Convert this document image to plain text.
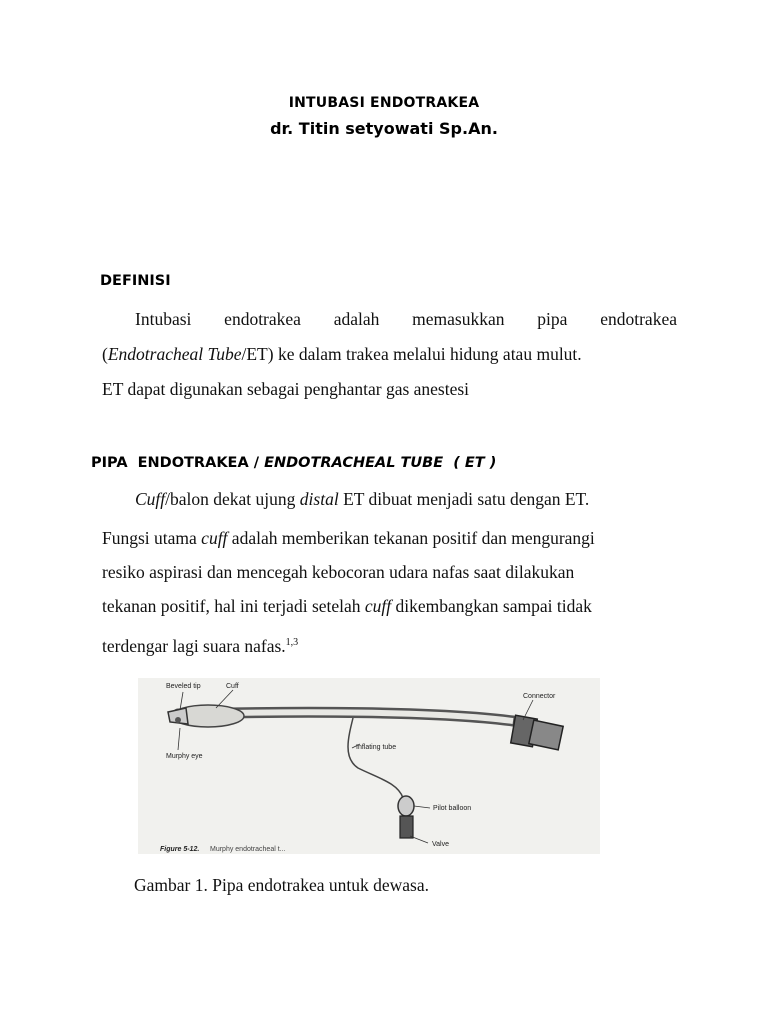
INTUBASI ENDOTRAKEA
dr. Titin setyowati Sp.An.
DEFINISI
Intubasi endotrakea adalah memasukkan pipa endotrakea
(Endotracheal Tube/ET) ke dalam trakea melalui hidung atau mulut.
ET dapat digunakan sebagai penghantar gas anestesi
PIPA  ENDOTRAKEA / ENDOTRACHEAL TUBE  ( ET )
Cuff/balon dekat ujung distal ET dibuat menjadi satu dengan ET.
Fungsi utama cuff adalah memberikan tekanan positif dan mengurangi
resiko aspirasi dan mencegah kebocoran udara nafas saat dilakukan
tekanan positif, hal ini terjadi setelah cuff dikembangkan sampai tidak
terdengar lagi suara nafas.$^{1,3}$
Beveled tip	Cuff
Connector
Murphy eye
Inflating tube
Pilot balloon
Valve
Figure 5-12. Murphy endotracheal t...
Gambar 1. Pipa endotrakea untuk dewasa.
